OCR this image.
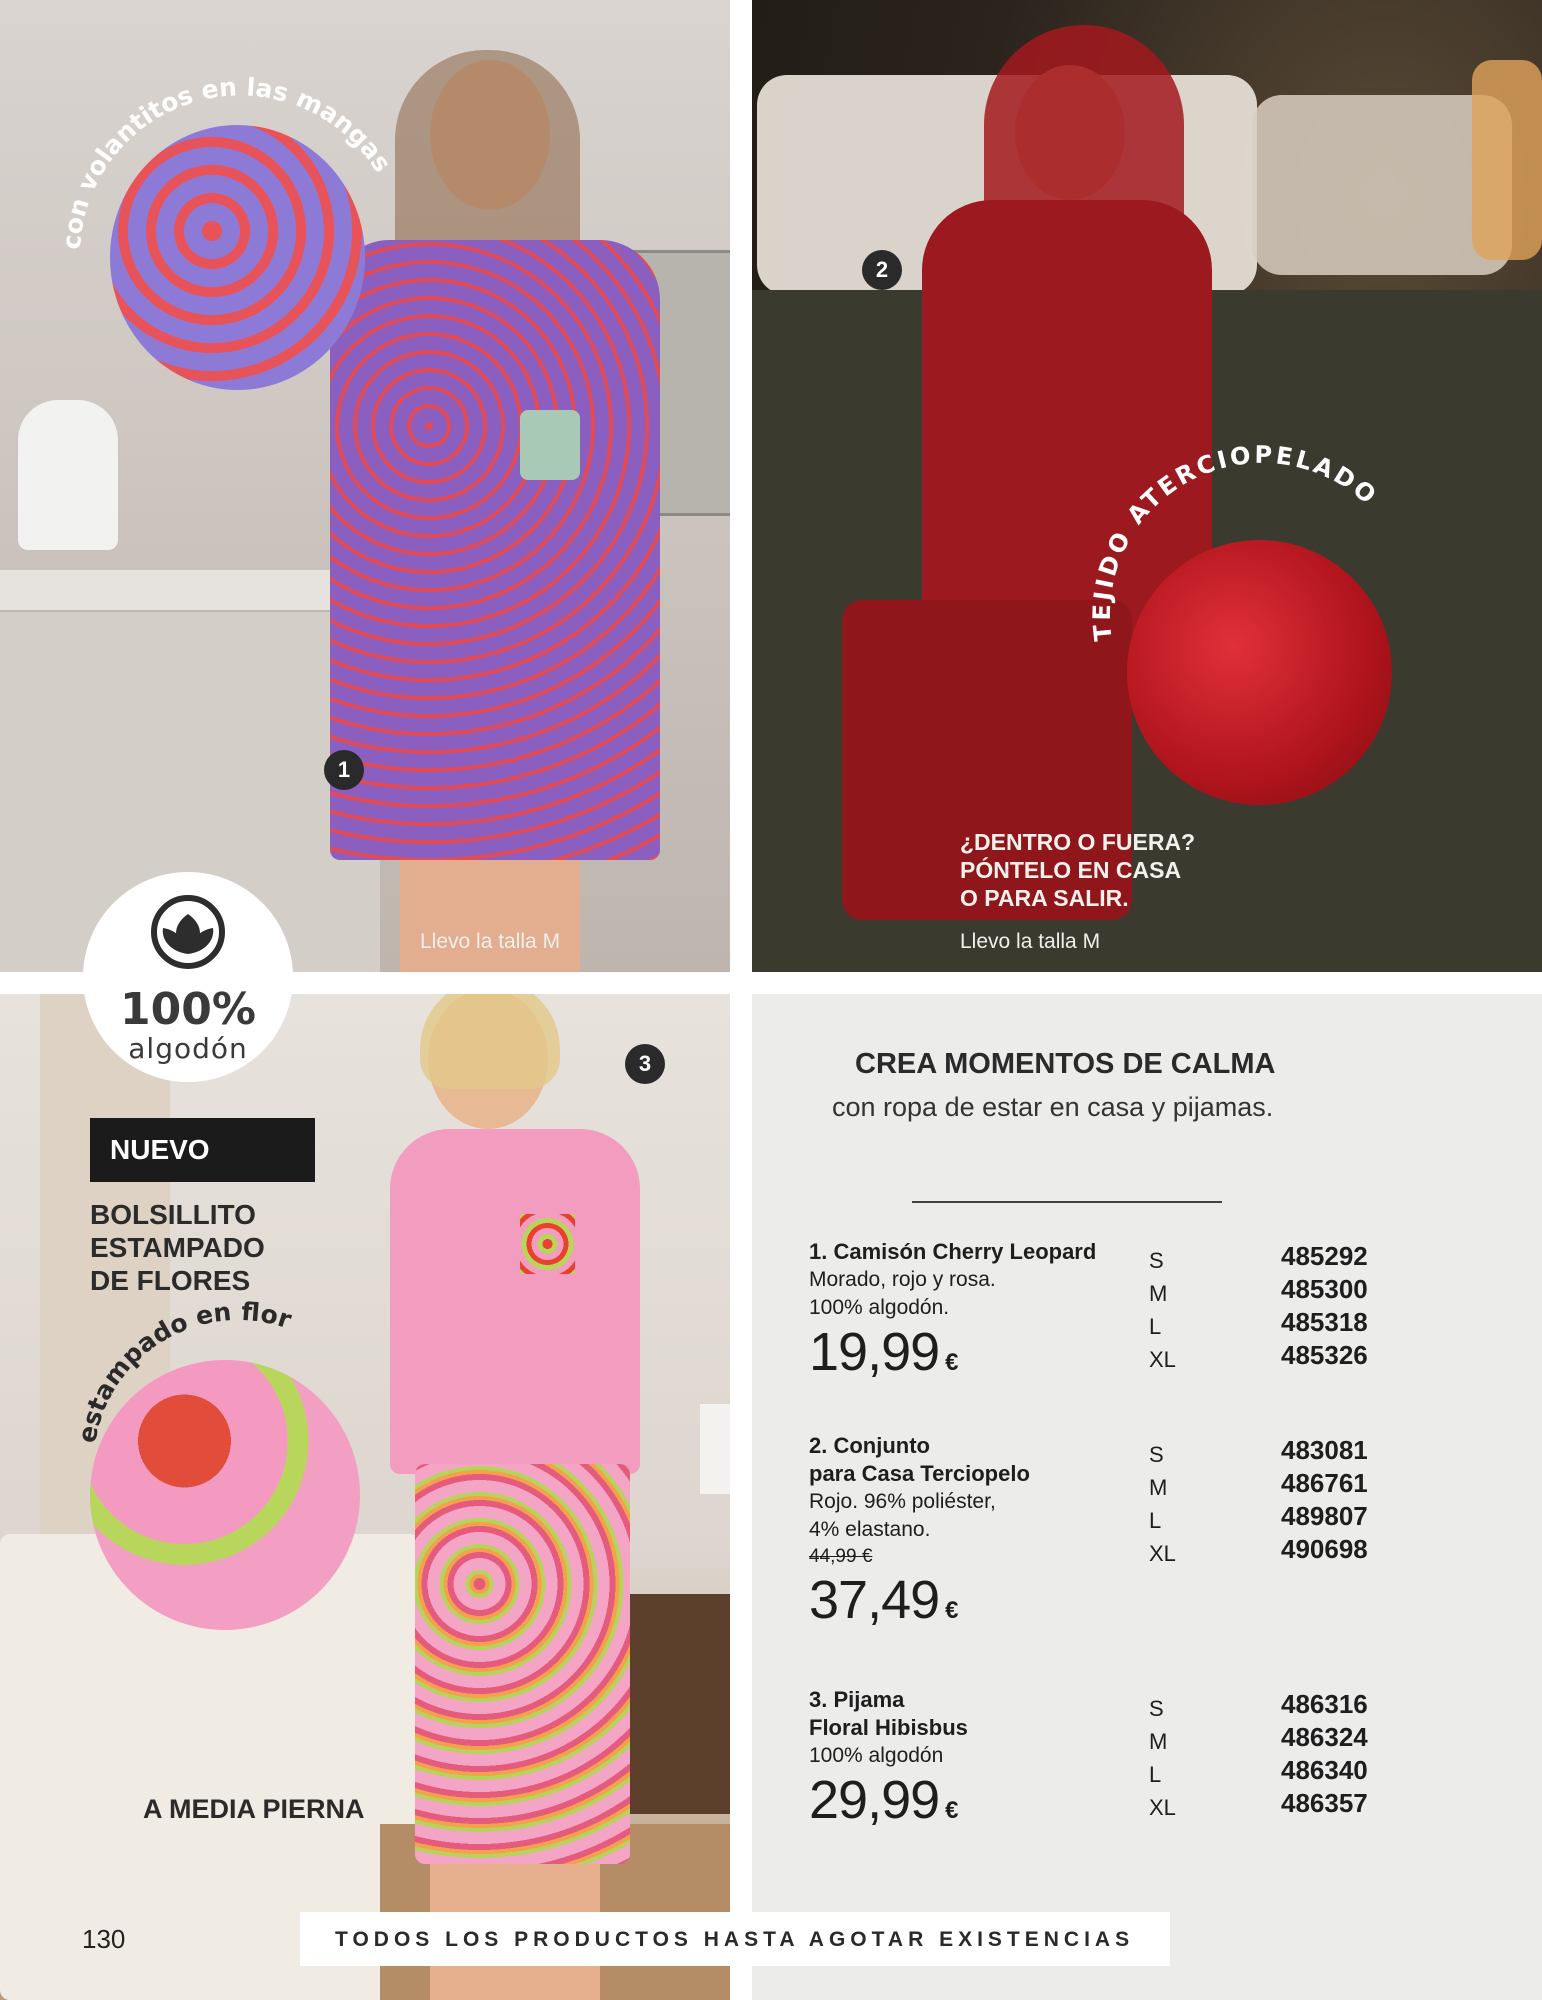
con volantitos en las mangas
1
Llevo la talla M
TEJIDO ATERCIOPELADO
2
¿DENTRO O FUERA?
PÓNTELO EN CASA
O PARA SALIR.
Llevo la talla M
NUEVO
BOLSILLITO
ESTAMPADO
DE FLORES
estampado en flor
3
A MEDIA PIERNA
100%
algodón	CREA MOMENTOS DE CALMA
con ropa de estar en casa y pijamas.
1. Camisón Cherry Leopard
Morado, rojo y rosa.
100% algodón.
19,99 €
S
M
L
XL
485292
485300
485318
485326
2. Conjunto
para Casa Terciopelo
Rojo. 96% poliéster,
4% elastano.
44,99 €
37,49 €
S
M
L
XL
483081
486761
489807
490698
3. Pijama
Floral Hibisbus
100% algodón
29,99 €
S
M
L
XL
486316
486324
486340
486357
130	TODOS LOS PRODUCTOS HASTA AGOTAR EXISTENCIAS
